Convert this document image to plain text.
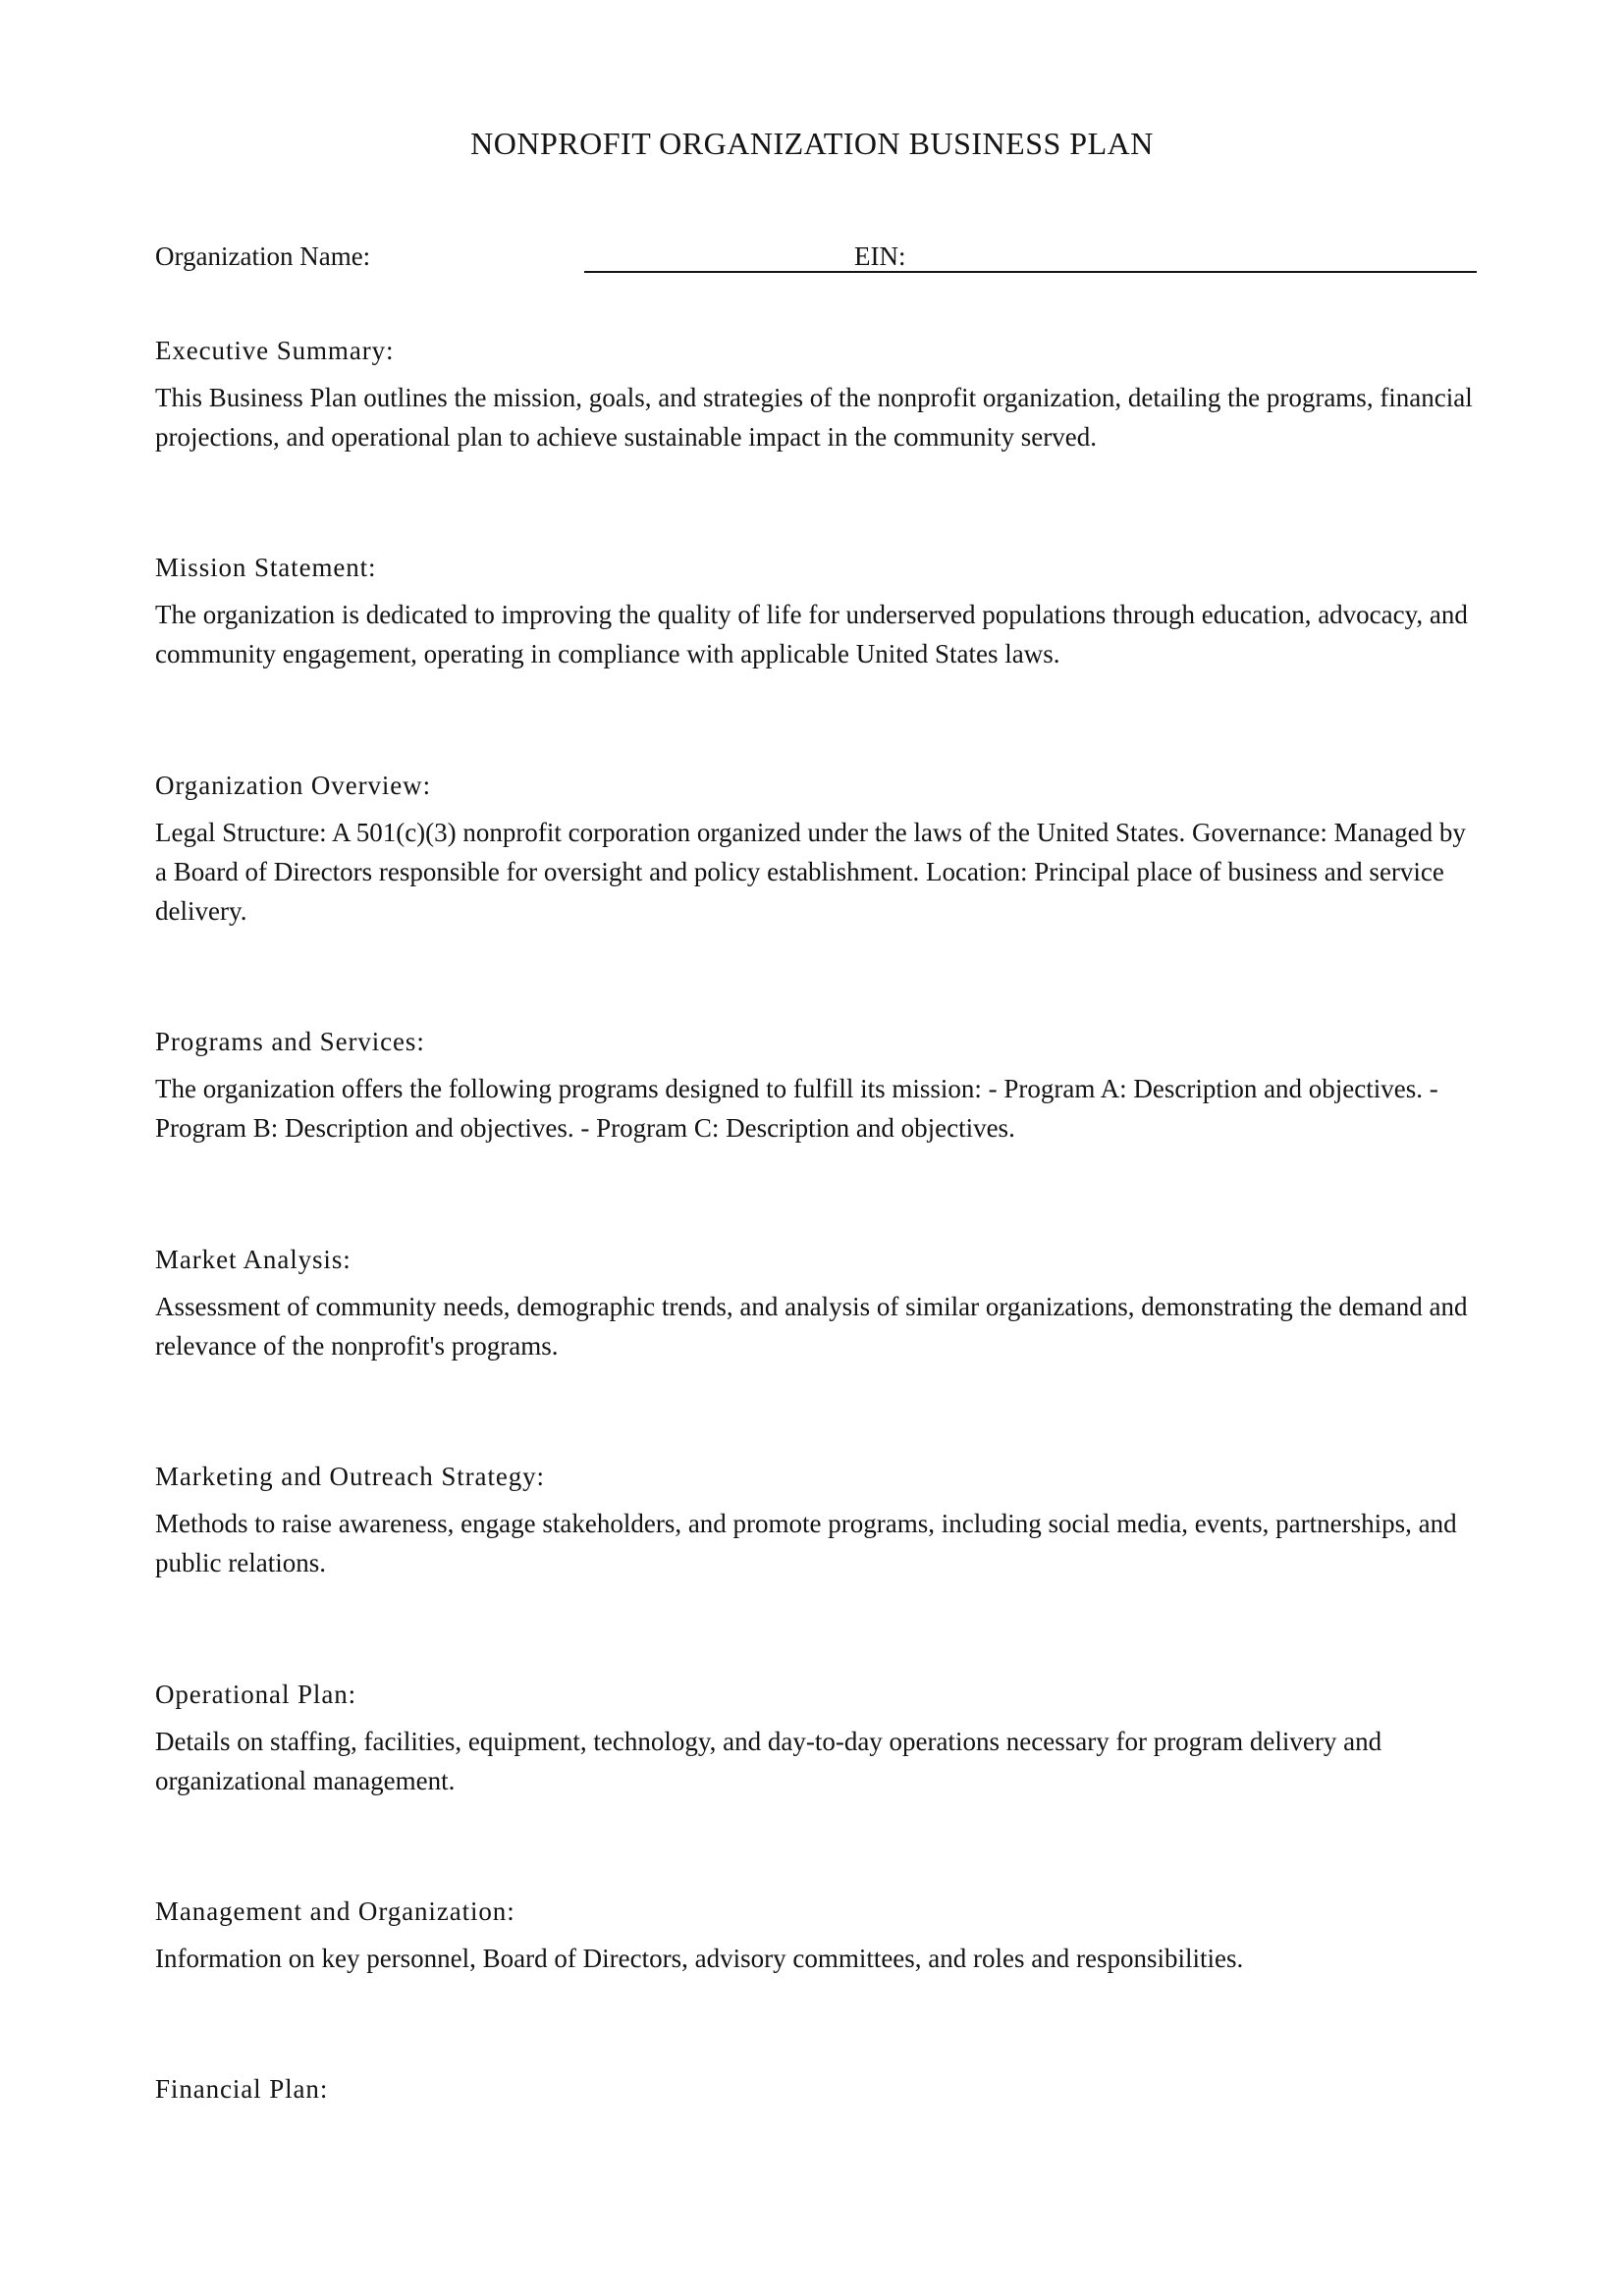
NONPROFIT ORGANIZATION BUSINESS PLAN
Organization Name:	EIN:

Executive Summary:

This Business Plan outlines the mission, goals, and strategies of the nonprofit organization, detailing the programs, financial projections, and operational plan to achieve sustainable impact in the community served.

Mission Statement:

The organization is dedicated to improving the quality of life for underserved populations through education, advocacy, and community engagement, operating in compliance with applicable United States laws.

Organization Overview:

Legal Structure: A 501(c)(3) nonprofit corporation organized under the laws of the United States. Governance: Managed by a Board of Directors responsible for oversight and policy establishment. Location: Principal place of business and service delivery.

Programs and Services:

The organization offers the following programs designed to fulfill its mission: - Program A: Description and objectives. - Program B: Description and objectives. - Program C: Description and objectives.

Market Analysis:

Assessment of community needs, demographic trends, and analysis of similar organizations, demonstrating the demand and relevance of the nonprofit's programs.

Marketing and Outreach Strategy:

Methods to raise awareness, engage stakeholders, and promote programs, including social media, events, partnerships, and public relations.

Operational Plan:

Details on staffing, facilities, equipment, technology, and day-to-day operations necessary for program delivery and organizational management.

Management and Organization:

Information on key personnel, Board of Directors, advisory committees, and roles and responsibilities.

Financial Plan:
